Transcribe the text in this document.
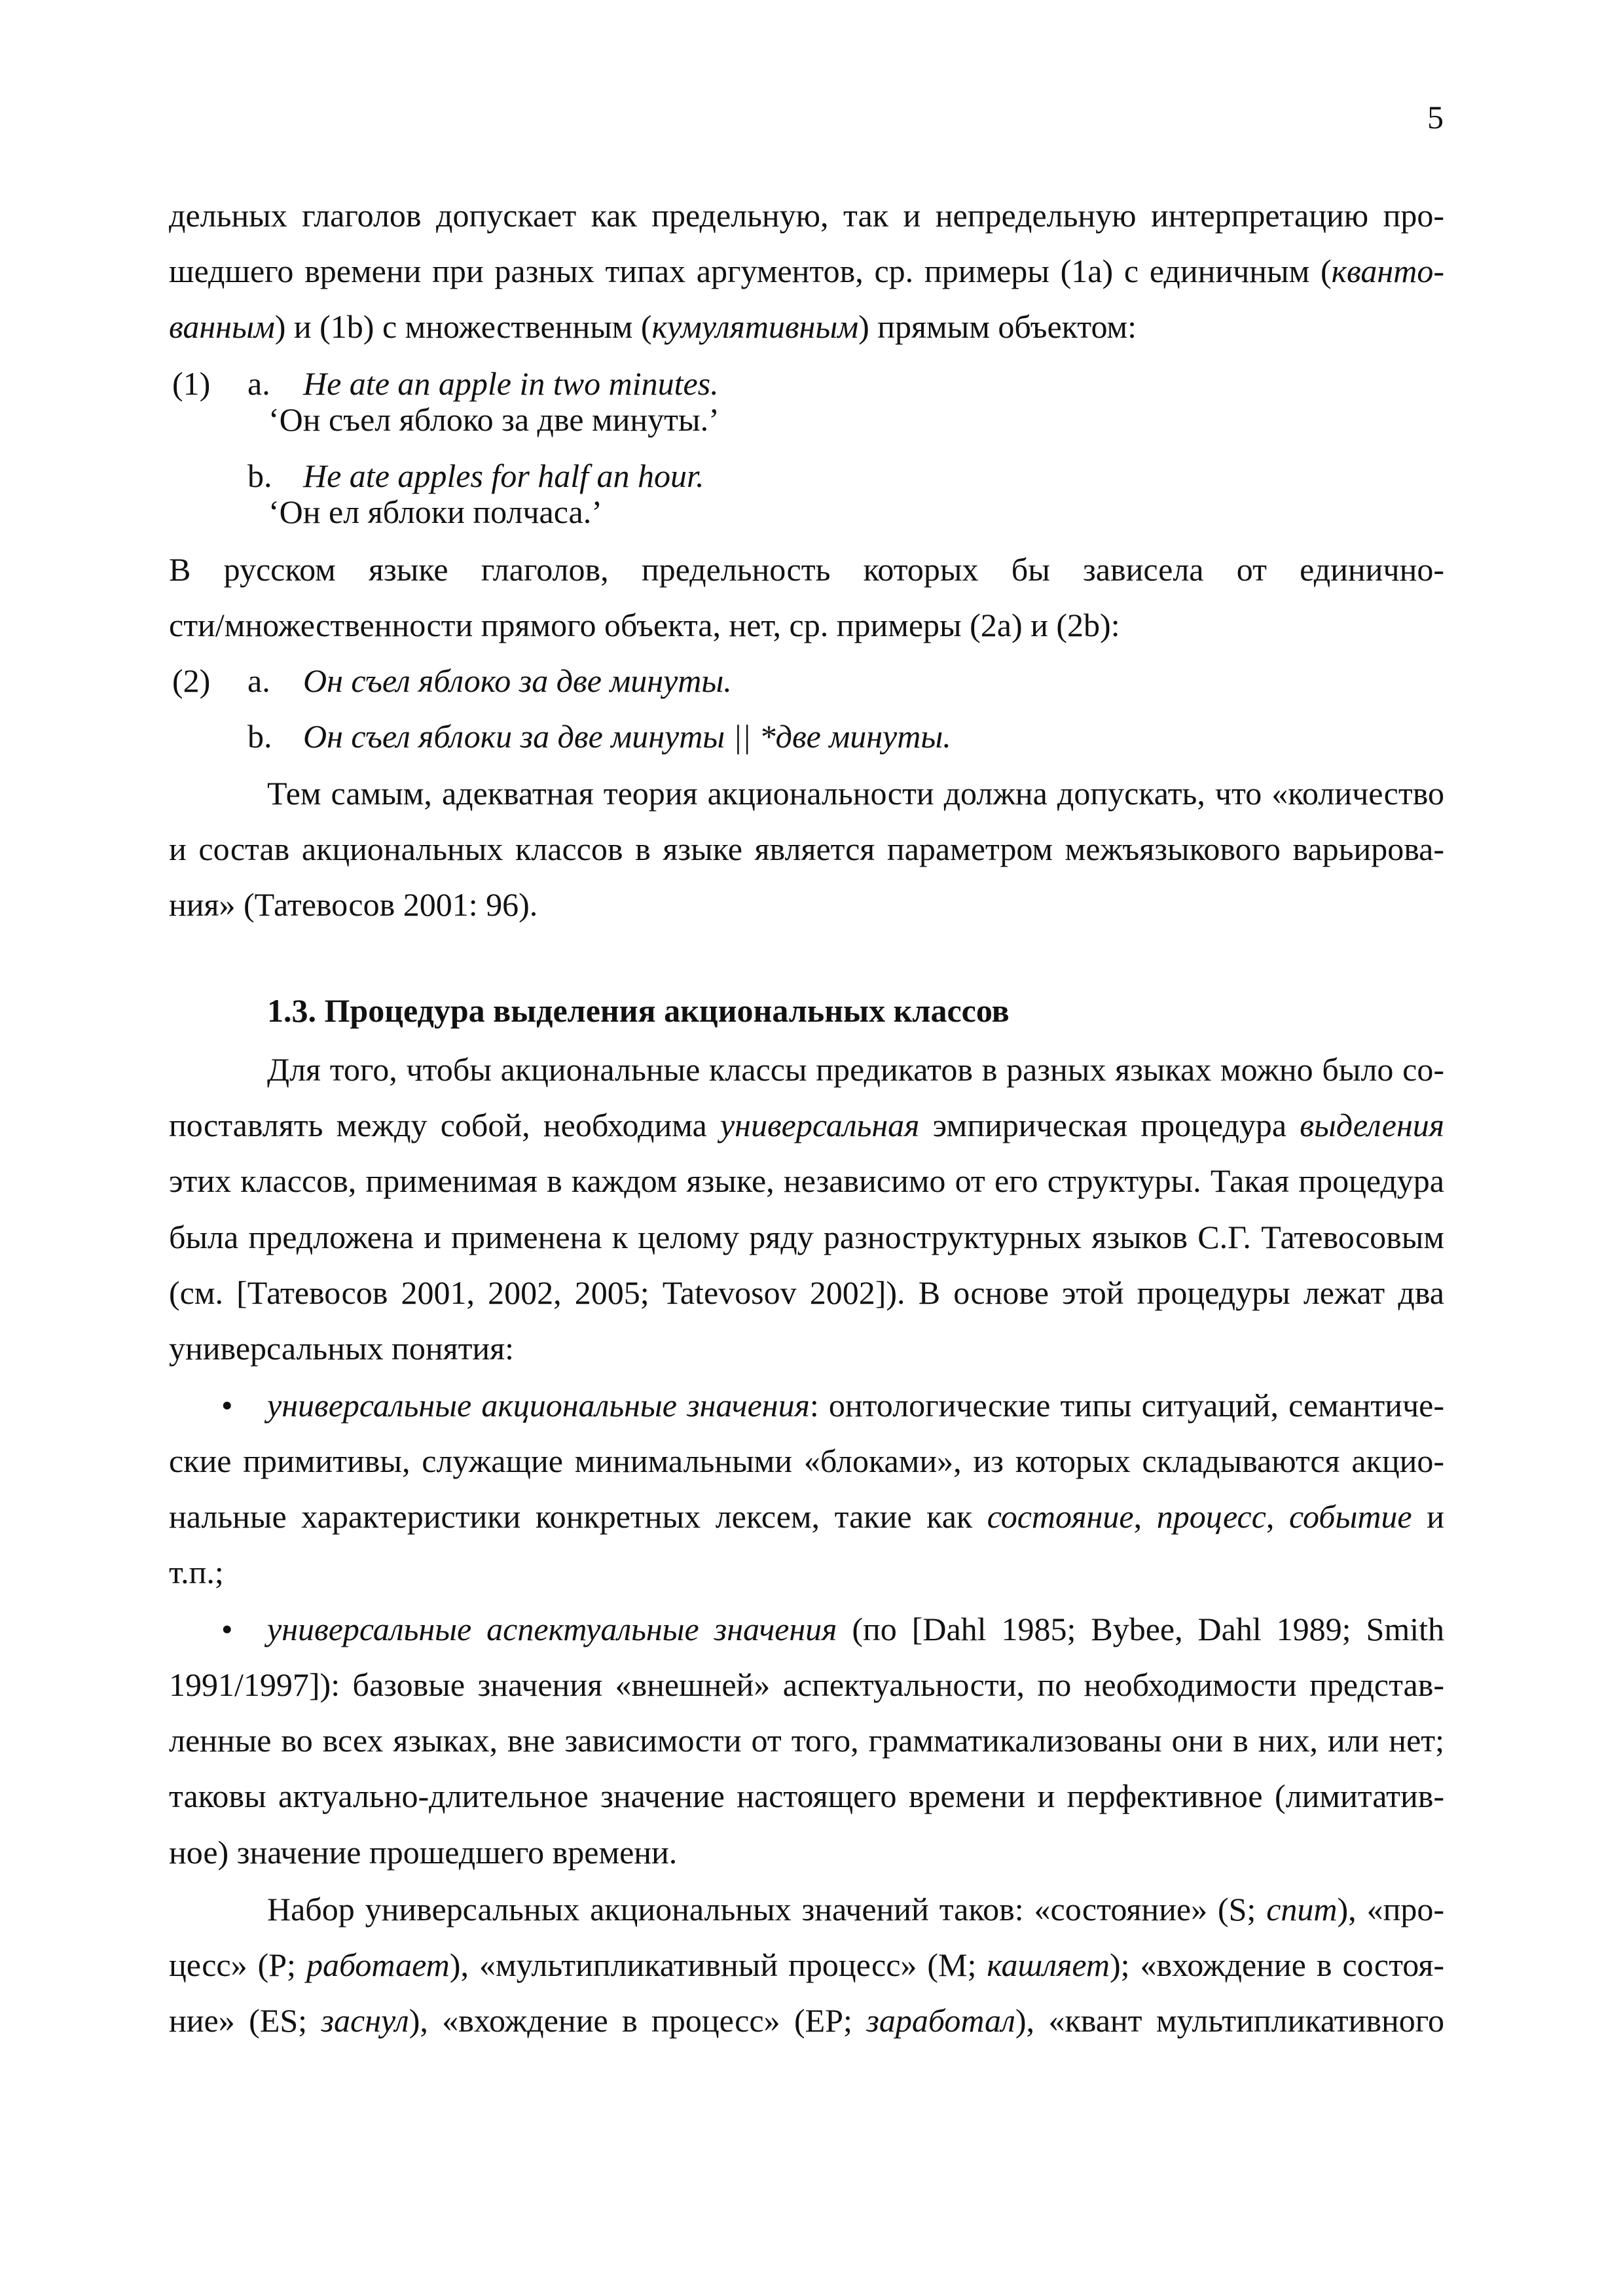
5
дельных глаголов допускает как предельную, так и непредельную интерпретацию про-
шедшего времени при разных типах аргументов, ср. примеры (1a) с единичным (кванто-
ванным) и (1b) с множественным (кумулятивным) прямым объектом:
(1) a. He ate an apple in two minutes.
‘Он съел яблоко за две минуты.’
b. He ate apples for half an hour.
‘Он ел яблоки полчаса.’
В русском языке глаголов, предельность которых бы зависела от единично-
сти/множественности прямого объекта, нет, ср. примеры (2a) и (2b):
(2) a. Он съел яблоко за две минуты.
b. Он съел яблоки за две минуты || *две минуты.
Тем самым, адекватная теория акциональности должна допускать, что «количество
и состав акциональных классов в языке является параметром межъязыкового варьирова-
ния» (Татевосов 2001: 96).
1.3. Процедура выделения акциональных классов
Для того, чтобы акциональные классы предикатов в разных языках можно было со-
поставлять между собой, необходима универсальная эмпирическая процедура выделения
этих классов, применимая в каждом языке, независимо от его структуры. Такая процедура
была предложена и применена к целому ряду разноструктурных языков С.Г. Татевосовым
(см. [Татевосов 2001, 2002, 2005; Tatevosov 2002]). В основе этой процедуры лежат два
универсальных понятия:
• универсальные акциональные значения: онтологические типы ситуаций, семантиче-
ские примитивы, служащие минимальными «блоками», из которых складываются акцио-
нальные характеристики конкретных лексем, такие как состояние, процесс, событие и
т.п.;
• универсальные аспектуальные значения (по [Dahl 1985; Bybee, Dahl 1989; Smith
1991/1997]): базовые значения «внешней» аспектуальности, по необходимости представ-
ленные во всех языках, вне зависимости от того, грамматикализованы они в них, или нет;
таковы актуально-длительное значение настоящего времени и перфективное (лимитатив-
ное) значение прошедшего времени.
Набор универсальных акциональных значений таков: «состояние» (S; спит), «про-
цесс» (P; работает), «мультипликативный процесс» (M; кашляет); «вхождение в состоя-
ние» (ES; заснул), «вхождение в процесс» (EP; заработал), «квант мультипликативного
